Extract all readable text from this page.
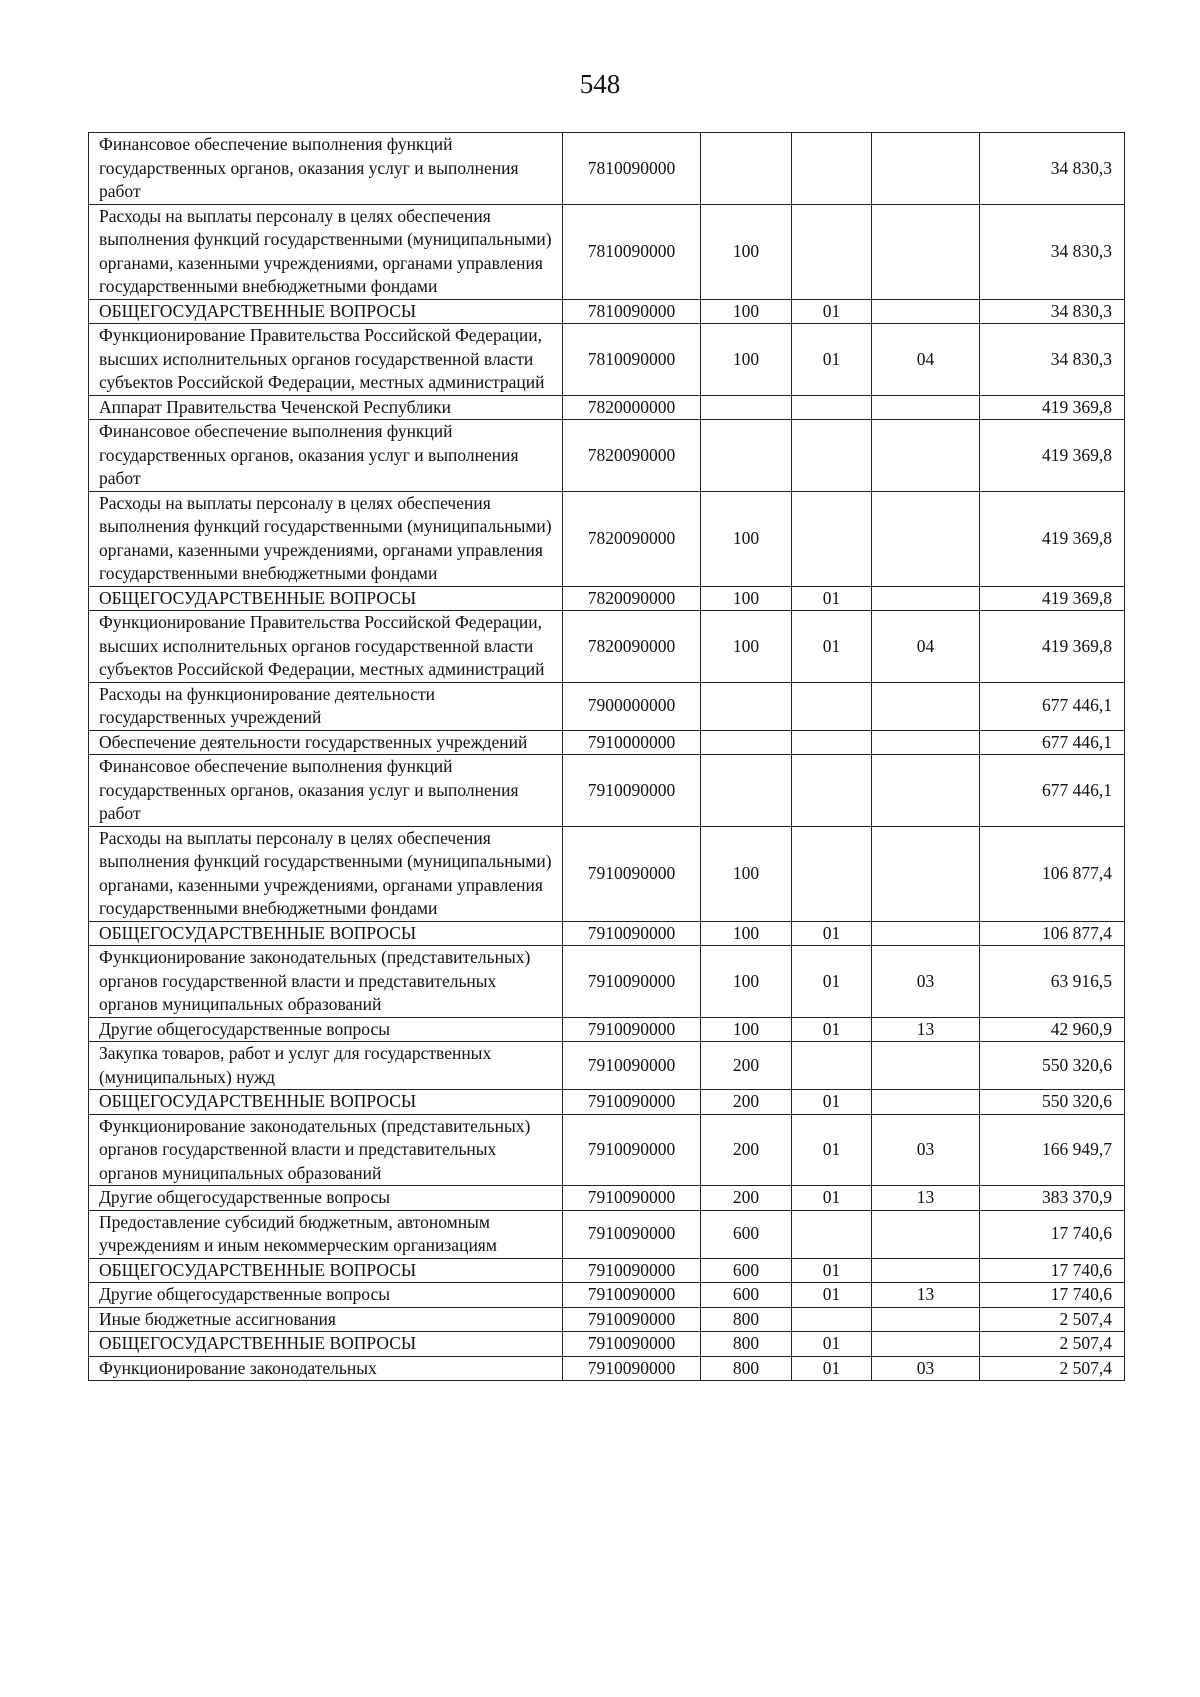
548
Финансовое обеспечение выполнения функций государственных органов, оказания услуг и выполнения работ	7810090000				34 830,3
Расходы на выплаты персоналу в целях обеспечения выполнения функций государственными (муниципальными) органами, казенными учреждениями, органами управления государственными внебюджетными фондами	7810090000	100			34 830,3
ОБЩЕГОСУДАРСТВЕННЫЕ ВОПРОСЫ	7810090000	100	01		34 830,3
Функционирование Правительства Российской Федерации, высших исполнительных органов государственной власти субъектов Российской Федерации, местных администраций	7810090000	100	01	04	34 830,3
Аппарат Правительства Чеченской Республики	7820000000				419 369,8
Финансовое обеспечение выполнения функций государственных органов, оказания услуг и выполнения работ	7820090000				419 369,8
Расходы на выплаты персоналу в целях обеспечения выполнения функций государственными (муниципальными) органами, казенными учреждениями, органами управления государственными внебюджетными фондами	7820090000	100			419 369,8
ОБЩЕГОСУДАРСТВЕННЫЕ ВОПРОСЫ	7820090000	100	01		419 369,8
Функционирование Правительства Российской Федерации, высших исполнительных органов государственной власти субъектов Российской Федерации, местных администраций	7820090000	100	01	04	419 369,8
Расходы на функционирование деятельности государственных учреждений	7900000000				677 446,1
Обеспечение деятельности государственных учреждений	7910000000				677 446,1
Финансовое обеспечение выполнения функций государственных органов, оказания услуг и выполнения работ	7910090000				677 446,1
Расходы на выплаты персоналу в целях обеспечения выполнения функций государственными (муниципальными) органами, казенными учреждениями, органами управления государственными внебюджетными фондами	7910090000	100			106 877,4
ОБЩЕГОСУДАРСТВЕННЫЕ ВОПРОСЫ	7910090000	100	01		106 877,4
Функционирование законодательных (представительных) органов государственной власти и представительных органов муниципальных образований	7910090000	100	01	03	63 916,5
Другие общегосударственные вопросы	7910090000	100	01	13	42 960,9
Закупка товаров, работ и услуг для государственных (муниципальных) нужд	7910090000	200			550 320,6
ОБЩЕГОСУДАРСТВЕННЫЕ ВОПРОСЫ	7910090000	200	01		550 320,6
Функционирование законодательных (представительных) органов государственной власти и представительных органов муниципальных образований	7910090000	200	01	03	166 949,7
Другие общегосударственные вопросы	7910090000	200	01	13	383 370,9
Предоставление субсидий бюджетным, автономным учреждениям и иным некоммерческим организациям	7910090000	600			17 740,6
ОБЩЕГОСУДАРСТВЕННЫЕ ВОПРОСЫ	7910090000	600	01		17 740,6
Другие общегосударственные вопросы	7910090000	600	01	13	17 740,6
Иные бюджетные ассигнования	7910090000	800			2 507,4
ОБЩЕГОСУДАРСТВЕННЫЕ ВОПРОСЫ	7910090000	800	01		2 507,4
Функционирование законодательных	7910090000	800	01	03	2 507,4
